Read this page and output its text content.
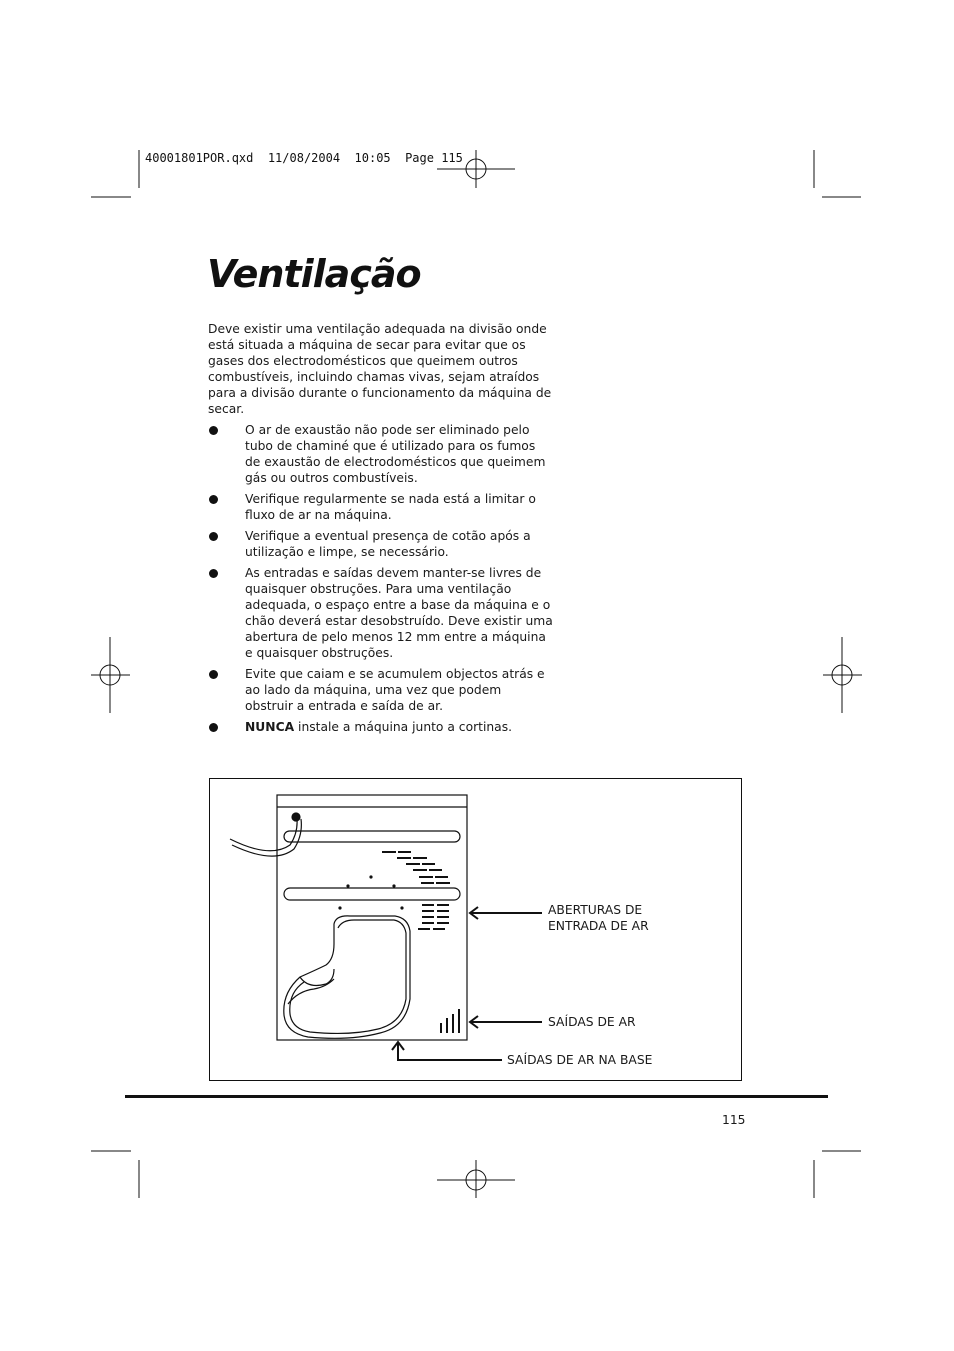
40001801POR.qxd  11/08/2004  10:05  Page 115
Ventilação

Deve existir uma ventilação adequada na divisão onde está situada a máquina de secar para evitar que os gases dos electrodomésticos que queimem outros combustíveis, incluindo chamas vivas, sejam atraídos para a divisão durante o funcionamento da máquina de secar.

O ar de exaustão não pode ser eliminado pelo tubo de chaminé que é utilizado para os fumos de exaustão de electrodomésticos que queimem gás ou outros combustíveis.
Verifique regularmente se nada está a limitar o fluxo de ar na máquina.
Verifique a eventual presença de cotão após a utilização e limpe, se necessário.
As entradas e saídas devem manter-se livres de quaisquer obstruções. Para uma ventilação adequada, o espaço entre a base da máquina e o chão deverá estar desobstruído. Deve existir uma abertura de pelo menos 12 mm entre a máquina e quaisquer obstruções.
Evite que caiam e se acumulem objectos atrás e ao lado da máquina, uma vez que podem obstruir a entrada e saída de ar.
NUNCA instale a máquina junto a cortinas.
ABERTURAS DE
ENTRADA DE AR
SAÍDAS DE AR
SAÍDAS DE AR NA BASE
115
